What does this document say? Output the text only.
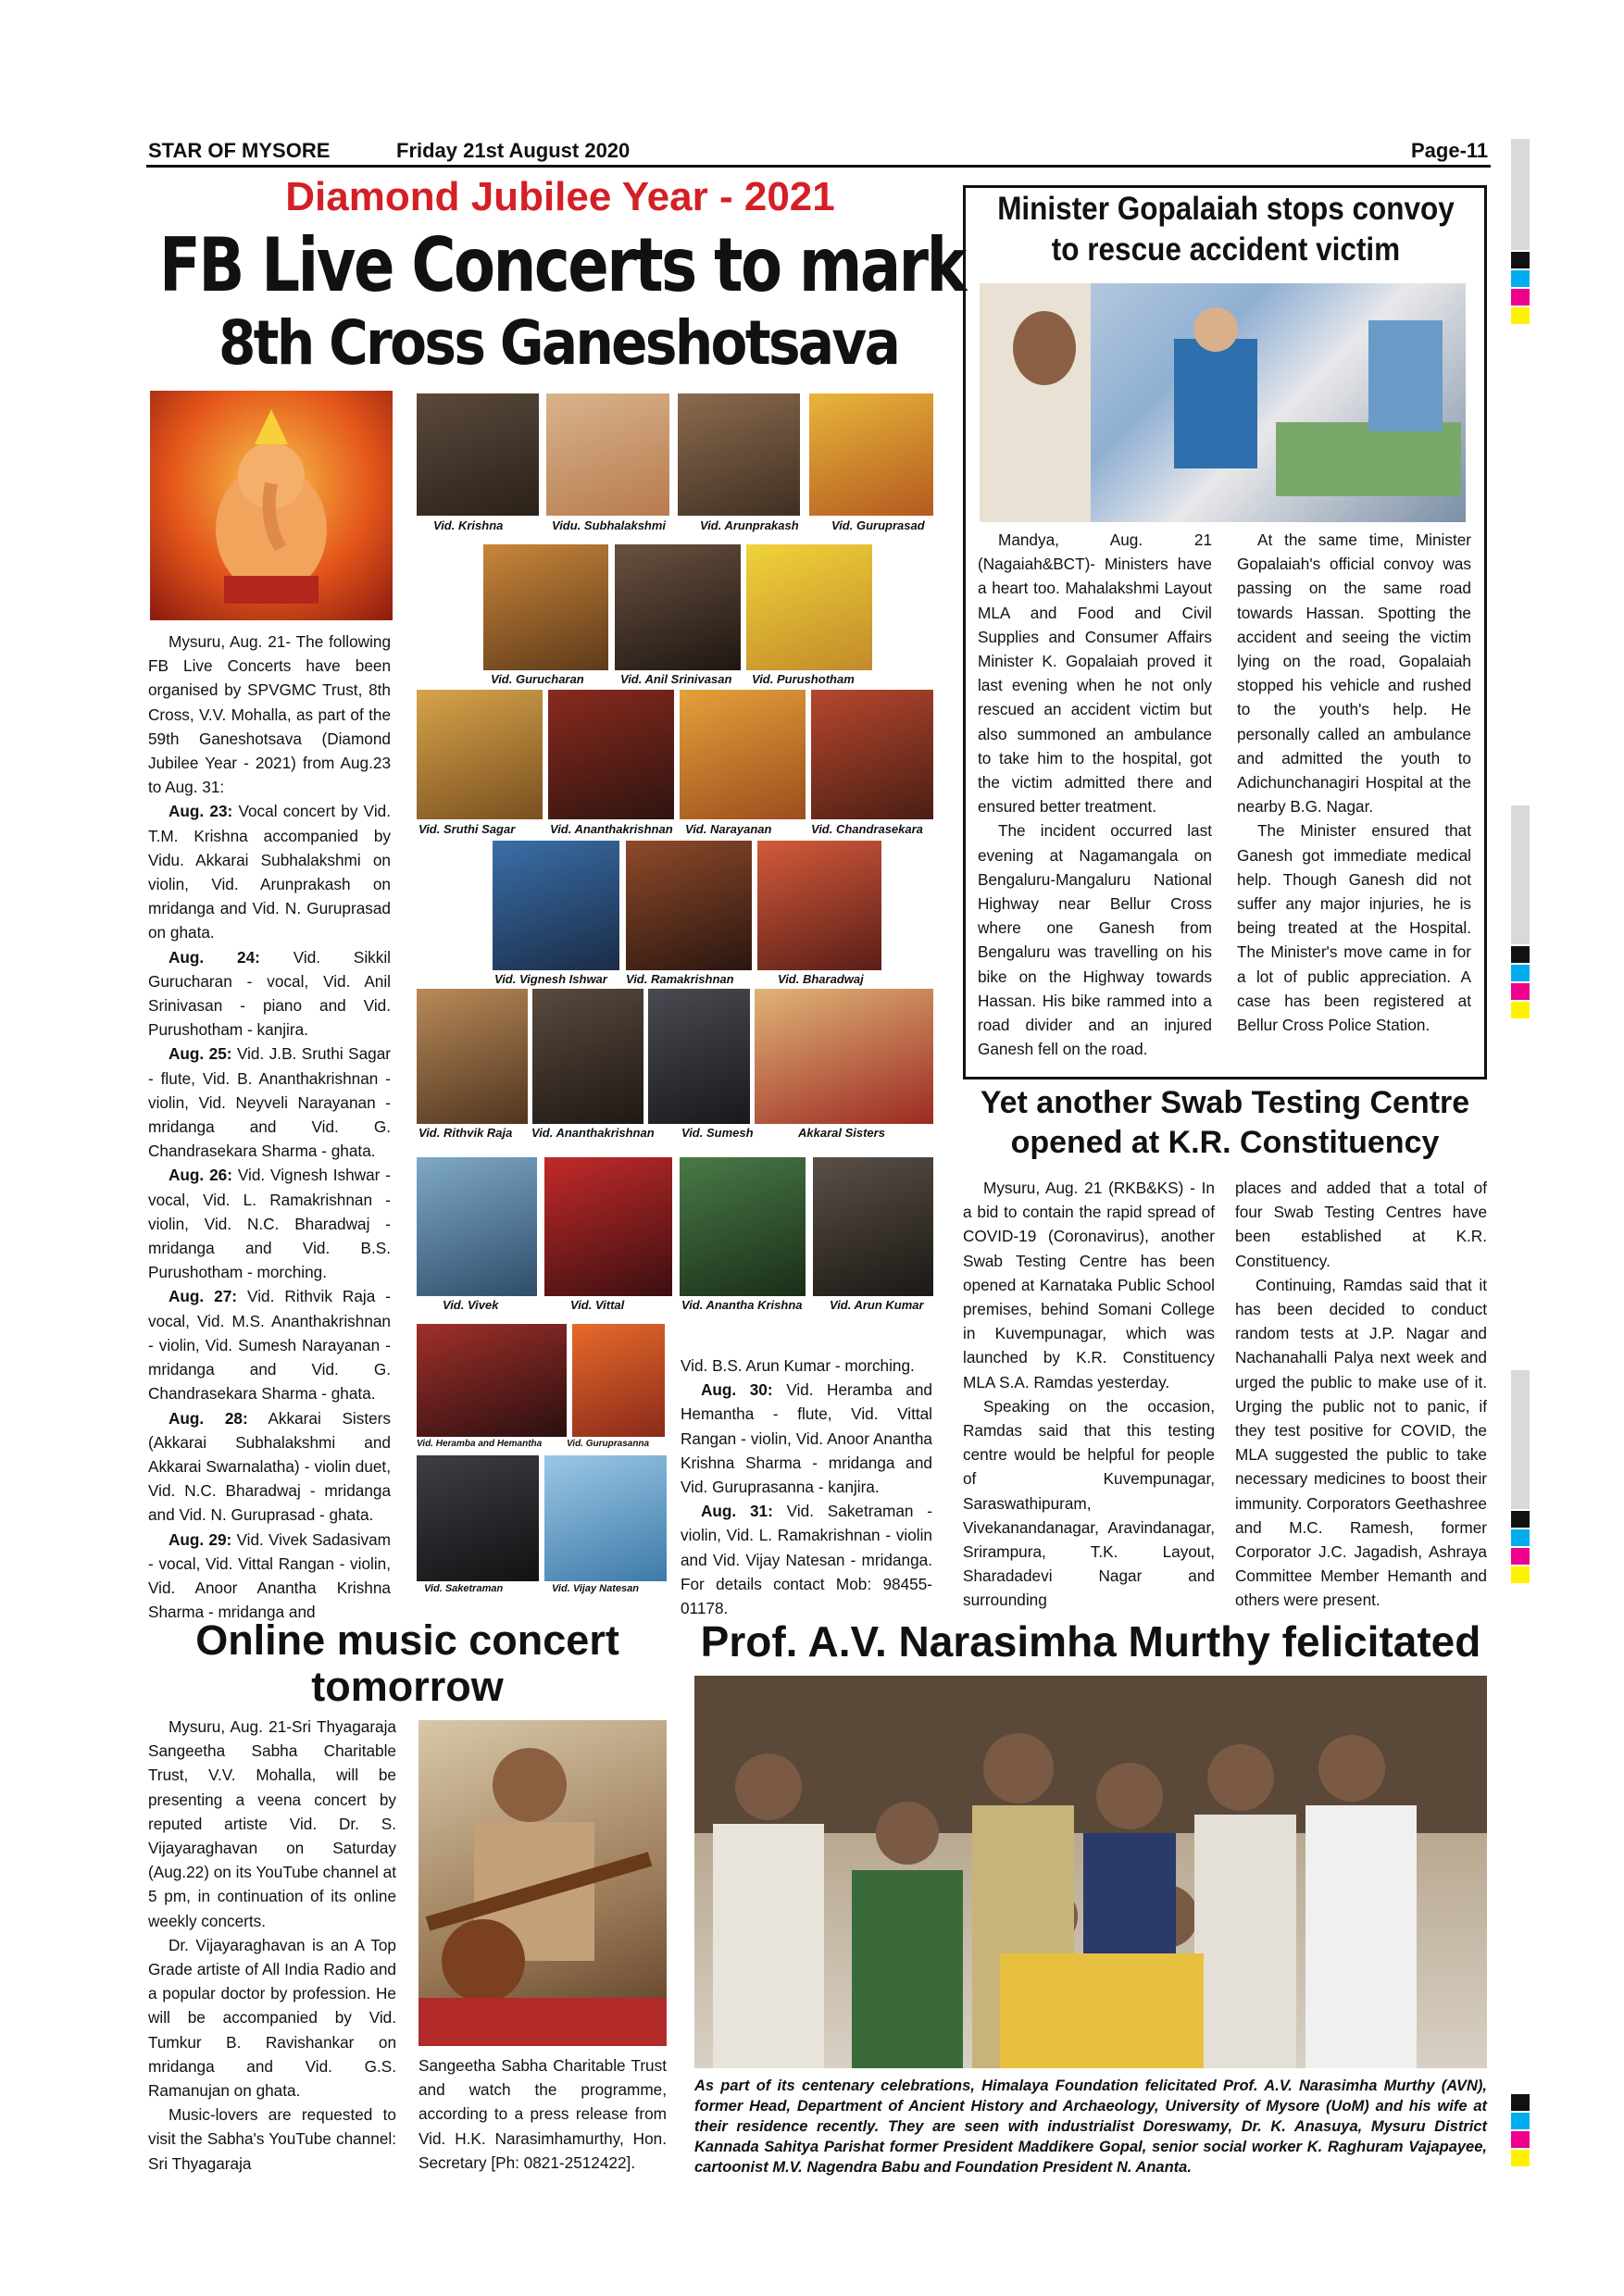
STAR OF MYSORE	Friday 21st August 2020	Page-11
Diamond Jubilee Year - 2021
FB Live Concerts to mark
8th Cross Ganeshotsava
Vid. Krishna	Vidu. Subhalakshmi	Vid. Arunprakash	Vid. Guruprasad
Vid. Gurucharan	Vid. Anil Srinivasan Vid. Purushotham
Vid. Sruthi Sagar	Vid. Ananthakrishnan Vid. Narayanan	Vid. Chandrasekara
Vid. Vignesh Ishwar Vid. Ramakrishnan	Vid. Bharadwaj
Vid. Rithvik Raja Vid. Ananthakrishnan Vid. Sumesh	Akkaral Sisters
Vid. Vivek	Vid. Vittal	Vid. Anantha Krishna Vid. Arun Kumar
Vid. Heramba and Hemantha	Vid. Guruprasanna
Vid. Saketraman	Vid. Vijay Natesan

Mysuru, Aug. 21- The following FB Live Concerts have been organised by SPVGMC Trust, 8th Cross, V.V. Mohalla, as part of the 59th Ganeshotsava (Diamond Jubilee Year - 2021) from Aug.23 to Aug. 31:

Aug. 23: Vocal concert by Vid. T.M. Krishna accompanied by Vidu. Akkarai Subhalakshmi on violin, Vid. Arunprakash on mridanga and Vid. N. Guruprasad on ghata.

Aug. 24: Vid. Sikkil Gurucharan - vocal, Vid. Anil Srinivasan - piano and Vid. Purushotham - kanjira.

Aug. 25: Vid. J.B. Sruthi Sagar - flute, Vid. B. Ananthakrishnan - violin, Vid. Neyveli Narayanan - mridanga and Vid. G. Chandrasekara Sharma - ghata.

Aug. 26: Vid. Vignesh Ishwar - vocal, Vid. L. Ramakrishnan - violin, Vid. N.C. Bharadwaj - mridanga and Vid. B.S. Purushotham - morching.

Aug. 27: Vid. Rithvik Raja - vocal, Vid. M.S. Ananthakrishnan - violin, Vid. Sumesh Narayanan - mridanga and Vid. G. Chandrasekara Sharma - ghata.

Aug. 28: Akkarai Sisters (Akkarai Subhalakshmi and Akkarai Swarnalatha) - violin duet, Vid. N.C. Bharadwaj - mridanga and Vid. N. Guruprasad - ghata.

Aug. 29: Vid. Vivek Sadasivam - vocal, Vid. Vittal Rangan - violin, Vid. Anoor Anantha Krishna Sharma - mridanga and

Vid. B.S. Arun Kumar - morching.

Aug. 30: Vid. Heramba and Hemantha - flute, Vid. Vittal Rangan - violin, Vid. Anoor Anantha Krishna Sharma - mridanga and Vid. Guruprasanna - kanjira.

Aug. 31: Vid. Saketraman - violin, Vid. L. Ramakrishnan - violin and Vid. Vijay Natesan - mridanga. For details contact Mob: 98455- 01178.

Minister Gopalaiah stops convoy
to rescue accident victim

Mandya, Aug. 21 (Nagaiah&BCT)- Ministers have a heart too. Mahalakshmi Layout MLA and Food and Civil Supplies and Consumer Affairs Minister K. Gopalaiah proved it last evening when he not only rescued an accident victim but also summoned an ambulance to take him to the hospital, got the victim admitted there and ensured better treatment.

The incident occurred last evening at Nagamangala on Bengaluru-Mangaluru National Highway near Bellur Cross where one Ganesh from Bengaluru was travelling on his bike on the Highway towards Hassan. His bike rammed into a road divider and an injured Ganesh fell on the road.

At the same time, Minister Gopalaiah's official convoy was passing on the same road towards Hassan. Spotting the accident and seeing the victim lying on the road, Gopalaiah stopped his vehicle and rushed to the youth's help. He personally called an ambulance and admitted the youth to Adichunchanagiri Hospital at the nearby B.G. Nagar.

The Minister ensured that Ganesh got immediate medical help. Though Ganesh did not suffer any major injuries, he is being treated at the Hospital. The Minister's move came in for a lot of public appreciation. A case has been registered at Bellur Cross Police Station.

Yet another Swab Testing Centre
opened at K.R. Constituency

Mysuru, Aug. 21 (RKB&KS) - In a bid to contain the rapid spread of COVID-19 (Coronavirus), another Swab Testing Centre has been opened at Karnataka Public School premises, behind Somani College in Kuvempunagar, which was launched by K.R. Constituency MLA S.A. Ramdas yesterday.

Speaking on the occasion, Ramdas said that this testing centre would be helpful for people of Kuvempunagar, Saraswathipuram, Vivekanandanagar, Aravindanagar, Srirampura, T.K. Layout, Sharadadevi Nagar and surrounding

places and added that a total of four Swab Testing Centres have been established at K.R. Constituency.

Continuing, Ramdas said that it has been decided to conduct random tests at J.P. Nagar and Nachanahalli Palya next week and urged the public to make use of it. Urging the public not to panic, if they test positive for COVID, the MLA suggested the public to take necessary medicines to boost their immunity. Corporators Geethashree and M.C. Ramesh, former Corporator J.C. Jagadish, Ashraya Committee Member Hemanth and others were present.

Online music concert
tomorrow

Mysuru, Aug. 21-Sri Thyagaraja Sangeetha Sabha Charitable Trust, V.V. Mohalla, will be presenting a veena concert by reputed artiste Vid. Dr. S. Vijayaraghavan on Saturday (Aug.22) on its YouTube channel at 5 pm, in continuation of its online weekly concerts.

Dr. Vijayaraghavan is an A Top Grade artiste of All India Radio and a popular doctor by profession. He will be accompanied by Vid. Tumkur B. Ravishankar on mridanga and Vid. G.S. Ramanujan on ghata.

Music-lovers are requested to visit the Sabha's YouTube channel: Sri Thyagaraja

Sangeetha Sabha Charitable Trust and watch the programme, according to a press release from Vid. H.K. Narasimhamurthy, Hon. Secretary [Ph: 0821-2512422].

Prof. A.V. Narasimha Murthy felicitated
As part of its centenary celebrations, Himalaya Foundation felicitated Prof. A.V. Narasimha Murthy (AVN), former Head, Department of Ancient History and Archaeology, University of Mysore (UoM) and his wife at their residence recently. They are seen with industrialist Doreswamy, Dr. K. Anasuya, Mysuru District Kannada Sahitya Parishat former President Maddikere Gopal, senior social worker K. Raghuram Vajapayee, cartoonist M.V. Nagendra Babu and Foundation President N. Ananta.
